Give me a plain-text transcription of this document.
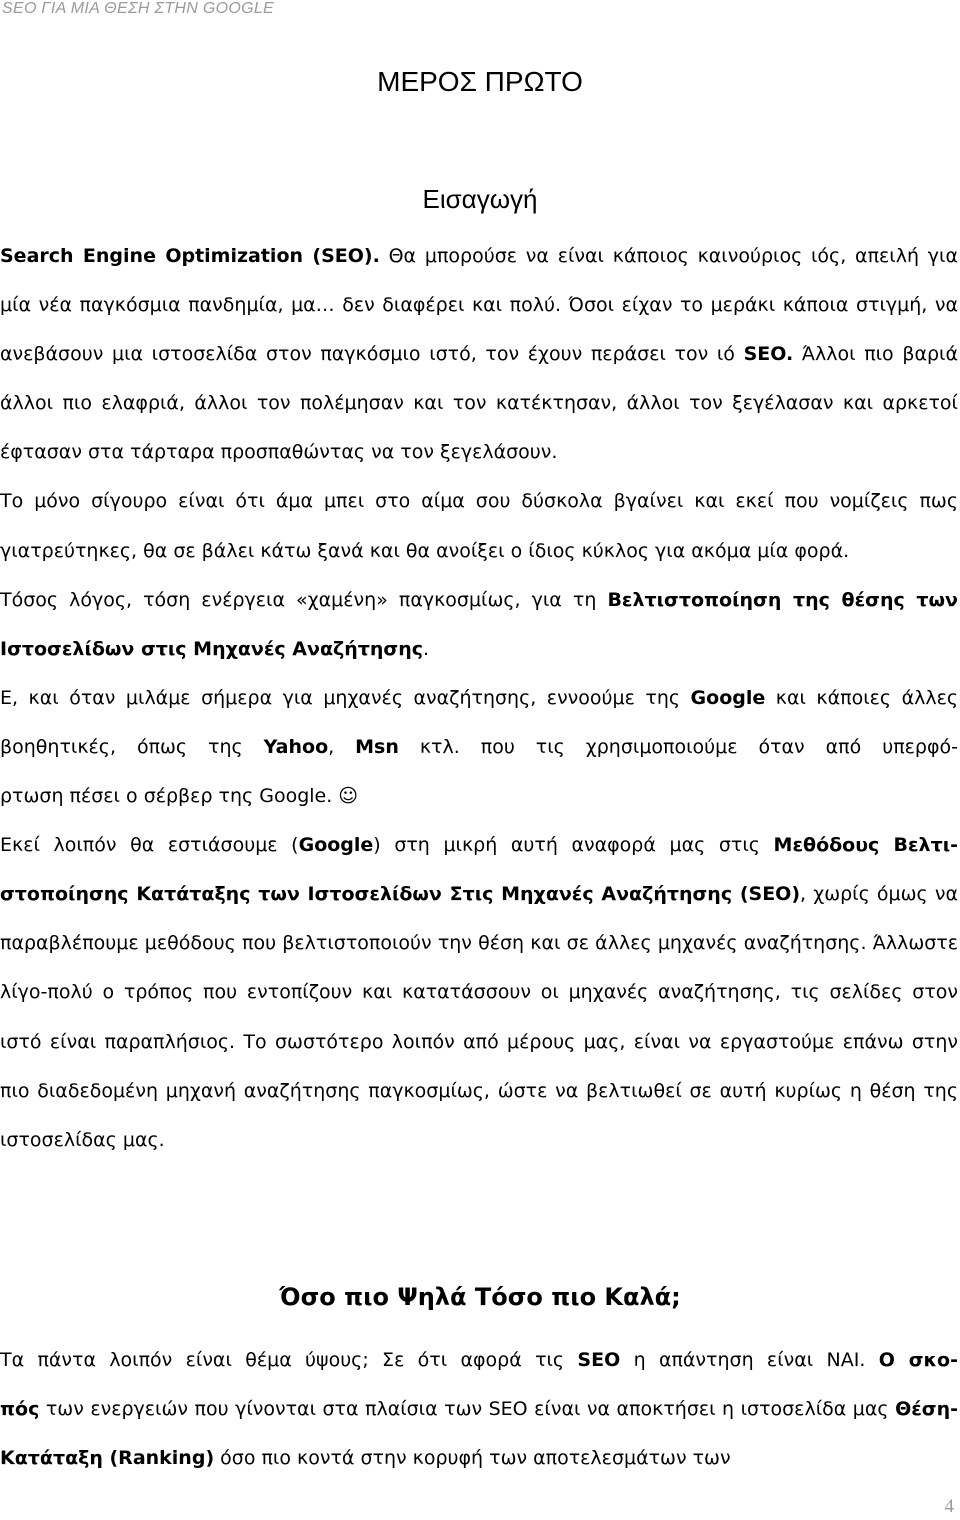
SEO ΓΙΑ ΜΙΑ ΘΕΣΗ ΣΤΗΝ GOOGLE
ΜΕΡΟΣ ΠΡΩΤΟ
Εισαγωγή

Search Engine Optimization (SEO). Θα μπορούσε να είναι κάποιος καινούριος ιός, απειλή για μία νέα παγκόσμια πανδημία, μα… δεν διαφέρει και πολύ. Όσοι είχαν το μεράκι κάποια στιγμή, να ανεβάσουν μια ιστοσελίδα στον παγκόσμιο ιστό, τον έχουν περάσει τον ιό SEO. Άλλοι πιο βαριά άλλοι πιο ελαφριά, άλλοι τον πολέμησαν και τον κατέκτησαν, άλλοι τον ξεγέλασαν και αρκετοί έφτασαν στα τάρταρα προσπαθώντας να τον ξεγελάσουν.

Το μόνο σίγουρο είναι ότι άμα μπει στο αίμα σου δύσκολα βγαίνει και εκεί που νομίζεις πως γιατρεύτηκες, θα σε βάλει κάτω ξανά και θα ανοίξει ο ίδιος κύκλος για ακόμα μία φορά.

Τόσος λόγος, τόση ενέργεια «χαμένη» παγκοσμίως, για τη Βελτιστοποίηση της θέσης των Ιστοσελίδων στις Μηχανές Αναζήτησης.

Ε, και όταν μιλάμε σήμερα για μηχανές αναζήτησης, εννοούμε της Google και κάποιες άλλες βοηθητικές, όπως της Yahoo, Msn κτλ. που τις χρησιμοποιούμε όταν από υπερφό-
ρτωση πέσει ο σέρβερ της Google. ☺

Εκεί λοιπόν θα εστιάσουμε (Google) στη μικρή αυτή αναφορά μας στις Μεθόδους Βελτι-
στοποίησης Κατάταξης των Ιστοσελίδων Στις Μηχανές Αναζήτησης (SEO), χωρίς όμως να παραβλέπουμε μεθόδους που βελτιστοποιούν την θέση και σε άλλες μηχανές αναζήτησης. Άλλωστε λίγο-πολύ ο τρόπος που εντοπίζουν και κατατάσσουν οι μηχανές αναζήτησης, τις σελίδες στον ιστό είναι παραπλήσιος. Το σωστότερο λοιπόν από μέρους μας, είναι να εργαστούμε επάνω στην πιο διαδεδομένη μηχανή αναζήτησης παγκοσμίως, ώστε να βελτιωθεί σε αυτή κυρίως η θέση της ιστοσελίδας μας.

Όσο πιο Ψηλά Τόσο πιο Καλά;

Τα πάντα λοιπόν είναι θέμα ύψους; Σε ότι αφορά τις SEO η απάντηση είναι ΝΑΙ. Ο σκο-
πός των ενεργειών που γίνονται στα πλαίσια των SEO είναι να αποκτήσει η ιστοσελίδα μας Θέση-Κατάταξη (Ranking) όσο πιο κοντά στην κορυφή των αποτελεσμάτων των

4
